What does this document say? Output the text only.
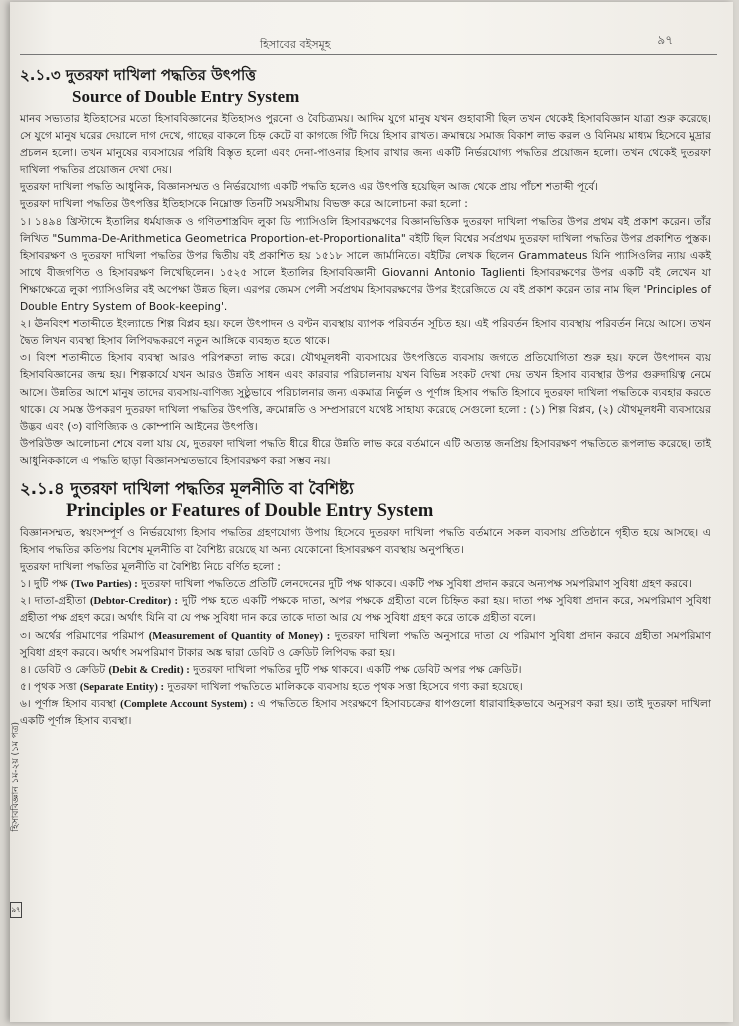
হিসাবের বইসমূহ	৯৭
২.১.৩ দুতরফা দাখিলা পদ্ধতির উৎপত্তি
Source of Double Entry System

মানব সভ্যতার ইতিহাসের মতো হিসাববিজ্ঞানের ইতিহাসও পুরনো ও বৈচিত্র্যময়। আদিম যুগে মানুষ যখন গুহাবাসী ছিল তখন থেকেই হিসাববিজ্ঞান যাত্রা শুরু করেছে। সে যুগে মানুষ ঘরের দেয়ালে দাগ দেখে, গাছের বাকলে চিহ্ন কেটে বা কাগজে গিঁট দিয়ে হিসাব রাখত। ক্রমান্বয়ে সমাজ বিকাশ লাভ করল ও বিনিময় মাধ্যম হিসেবে মুদ্রার প্রচলন হলো। তখন মানুষের ব্যবসায়ের পরিধি বিস্তৃত হলো এবং দেনা-পাওনার হিসাব রাখার জন্য একটি নির্ভরযোগ্য পদ্ধতির প্রয়োজন হলো। তখন থেকেই দুতরফা দাখিলা পদ্ধতির প্রয়োজন দেখা দেয়।

দুতরফা দাখিলা পদ্ধতি আধুনিক, বিজ্ঞানসম্মত ও নির্ভরযোগ্য একটি পদ্ধতি হলেও এর উৎপত্তি হয়েছিল আজ থেকে প্রায় পাঁচশ শতাব্দী পূর্বে।

দুতরফা দাখিলা পদ্ধতির উৎপত্তির ইতিহাসকে নিম্নোক্ত তিনটি সময়সীমায় বিভক্ত করে আলোচনা করা হলো :

১। ১৪৯৪ খ্রিস্টাব্দে ইতালির ধর্মযাজক ও গণিতশাস্ত্রবিদ লুকা ডি প্যাসিওলি হিসাবরক্ষণের বিজ্ঞানভিত্তিক দুতরফা দাখিলা পদ্ধতির উপর প্রথম বই প্রকাশ করেন। তাঁর লিখিত "Summa-De-Arithmetica Geometrica Proportion-et-Proportionalita" বইটি ছিল বিশ্বের সর্বপ্রথম দুতরফা দাখিলা পদ্ধতির উপর প্রকাশিত পুস্তক। হিসাবরক্ষণ ও দুতরফা দাখিলা পদ্ধতির উপর দ্বিতীয় বই প্রকাশিত হয় ১৫১৮ সালে জার্মানিতে। বইটির লেখক ছিলেন Grammateus যিনি প্যাসিওলির ন্যায় একই সাথে বীজগণিত ও হিসাবরক্ষণ লিখেছিলেন। ১৫২৫ সালে ইতালির হিসাববিজ্ঞানী Giovanni Antonio Taglienti হিসাবরক্ষণের উপর একটি বই লেখেন যা শিক্ষাক্ষেত্রে লুকা প্যাসিওলির বই অপেক্ষা উন্নত ছিল। এরপর জেমস পেলী সর্বপ্রথম হিসাবরক্ষণের উপর ইংরেজিতে যে বই প্রকাশ করেন তার নাম ছিল 'Principles of Double Entry System of Book-keeping'.

২। ঊনবিংশ শতাব্দীতে ইংল্যান্ডে শিল্প বিপ্লব হয়। ফলে উৎপাদন ও বণ্টন ব্যবস্থায় ব্যাপক পরিবর্তন সূচিত হয়। এই পরিবর্তন হিসাব ব্যবস্থায় পরিবর্তন নিয়ে আসে। তখন দ্বৈত লিখন ব্যবস্থা হিসাব লিপিবদ্ধকরণে নতুন আঙ্গিকে ব্যবহৃত হতে থাকে।

৩। বিংশ শতাব্দীতে হিসাব ব্যবস্থা আরও পরিপক্বতা লাভ করে। যৌথমূলধনী ব্যবসায়ের উৎপত্তিতে ব্যবসায় জগতে প্রতিযোগিতা শুরু হয়। ফলে উৎপাদন ব্যয় হিসাববিজ্ঞানের জন্ম হয়। শিল্পকার্যে যখন আরও উন্নতি সাধন এবং কারবার পরিচালনায় যখন বিভিন্ন সংকট দেখা দেয় তখন হিসাব ব্যবস্থার উপর গুরুদায়িত্ব নেমে আসে। উন্নতির আশে মানুষ তাদের ব্যবসায়-বাণিজ্য সুষ্ঠুভাবে পরিচালনার জন্য একমাত্র নির্ভুল ও পূর্ণাঙ্গ হিসাব পদ্ধতি হিসাবে দুতরফা দাখিলা পদ্ধতিকে ব্যবহার করতে থাকে। যে সমস্ত উপকরণ দুতরফা দাখিলা পদ্ধতির উৎপত্তি, ক্রমোন্নতি ও সম্প্রসারণে যথেষ্ট সাহায্য করেছে সেগুলো হলো : (১) শিল্প বিপ্লব, (২) যৌথমূলধনী ব্যবসায়ের উদ্ভব এবং (৩) বাণিজ্যিক ও কোম্পানি আইনের উৎপত্তি।

উপরিউক্ত আলোচনা শেষে বলা যায় যে, দুতরফা দাখিলা পদ্ধতি ধীরে ধীরে উন্নতি লাভ করে বর্তমানে এটি অত্যন্ত জনপ্রিয় হিসাবরক্ষণ পদ্ধতিতে রূপলাভ করেছে। তাই আধুনিককালে এ পদ্ধতি ছাড়া বিজ্ঞানসম্মতভাবে হিসাবরক্ষণ করা সম্ভব নয়।

২.১.৪ দুতরফা দাখিলা পদ্ধতির মূলনীতি বা বৈশিষ্ট্য
Principles or Features of Double Entry System

বিজ্ঞানসম্মত, স্বয়ংসম্পূর্ণ ও নির্ভরযোগ্য হিসাব পদ্ধতির গ্রহণযোগ্য উপায় হিসেবে দুতরফা দাখিলা পদ্ধতি বর্তমানে সকল ব্যবসায় প্রতিষ্ঠানে গৃহীত হয়ে আসছে। এ হিসাব পদ্ধতির কতিপয় বিশেষ মূলনীতি বা বৈশিষ্ট্য রয়েছে যা অন্য যেকোনো হিসাবরক্ষণ ব্যবস্থায় অনুপস্থিত।

দুতরফা দাখিলা পদ্ধতির মূলনীতি বা বৈশিষ্ট্য নিচে বর্ণিত হলো :

১। দুটি পক্ষ (Two Parties) : দুতরফা দাখিলা পদ্ধতিতে প্রতিটি লেনদেনের দুটি পক্ষ থাকবে। একটি পক্ষ সুবিধা প্রদান করবে অন্যপক্ষ সমপরিমাণ সুবিধা গ্রহণ করবে।

২। দাতা-গ্রহীতা (Debtor-Creditor) : দুটি পক্ষ হতে একটি পক্ষকে দাতা, অপর পক্ষকে গ্রহীতা বলে চিহ্নিত করা হয়। দাতা পক্ষ সুবিধা প্রদান করে, সমপরিমাণ সুবিধা গ্রহীতা পক্ষ গ্রহণ করে। অর্থাৎ যিনি বা যে পক্ষ সুবিধা দান করে তাকে দাতা আর যে পক্ষ সুবিধা গ্রহণ করে তাকে গ্রহীতা বলে।

৩। অর্থের পরিমাণের পরিমাপ (Measurement of Quantity of Money) : দুতরফা দাখিলা পদ্ধতি অনুসারে দাতা যে পরিমাণ সুবিধা প্রদান করবে গ্রহীতা সমপরিমাণ সুবিধা গ্রহণ করবে। অর্থাৎ সমপরিমাণ টাকার অঙ্ক দ্বারা ডেবিট ও ক্রেডিট লিপিবদ্ধ করা হয়।

৪। ডেবিট ও ক্রেডিট (Debit & Credit) : দুতরফা দাখিলা পদ্ধতির দুটি পক্ষ থাকবে। একটি পক্ষ ডেবিট অপর পক্ষ ক্রেডিট।

৫। পৃথক সত্তা (Separate Entity) : দুতরফা দাখিলা পদ্ধতিতে মালিককে ব্যবসায় হতে পৃথক সত্তা হিসেবে গণ্য করা হয়েছে।

৬। পূর্ণাঙ্গ হিসাব ব্যবস্থা (Complete Account System) : এ পদ্ধতিতে হিসাব সংরক্ষণে হিসাবচক্রের ধাপগুলো ধারাবাহিকভাবে অনুসরণ করা হয়। তাই দুতরফা দাখিলা একটি পূর্ণাঙ্গ হিসাব ব্যবস্থা।

হিসাববিজ্ঞান ১ম-২য় (১ম পত্র)
৯৭
